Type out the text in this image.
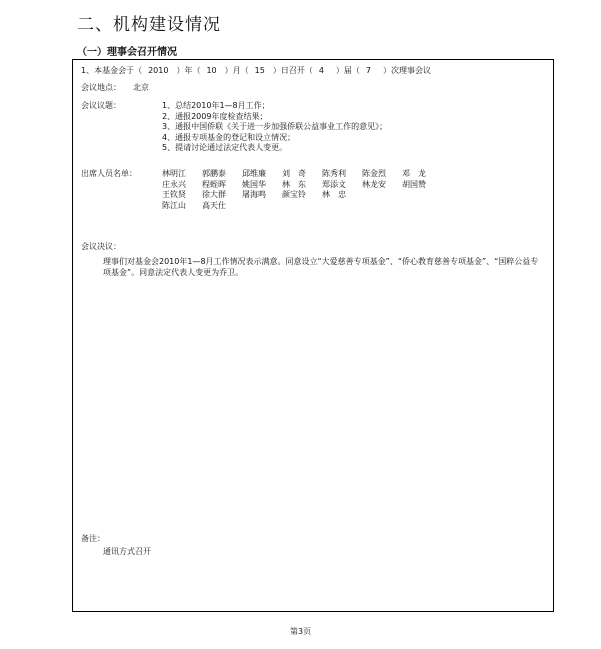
二、机构建设情况
（一）理事会召开情况
1、本基金会于（ 2010 ）年（ 10 ）月（ 15 ）日召开（ 4 ）届（ 7 ）次理事会议
会议地点： 北京
会议议题：	1、总结2010年1—8月工作；
2、通报2009年度检查结果；
3、通报中国侨联《关于进一步加强侨联公益事业工作的意见》；
4、通报专项基金的登记和设立情况；
5、提请讨论通过法定代表人变更。
出席人员名单：	林明江 郭鹏泰 邱维廉 刘　奇 陈秀利 陈金烈 邓　龙
庄永兴 程蛭晖 姚国华 林　东 郑添文 林龙安 胡国赞
王钦贤 徐大群 屠海鸣 颜宝铃 林　忠
陈江山 高天仕
会议决议：
理事们对基金会2010年1—8月工作情况表示满意。同意设立“大爱慈善专项基金”、“侨心教育慈善专项基金”、“国粹公益专项基金”。同意法定代表人变更为乔卫。
备注：
通讯方式召开
第3页
